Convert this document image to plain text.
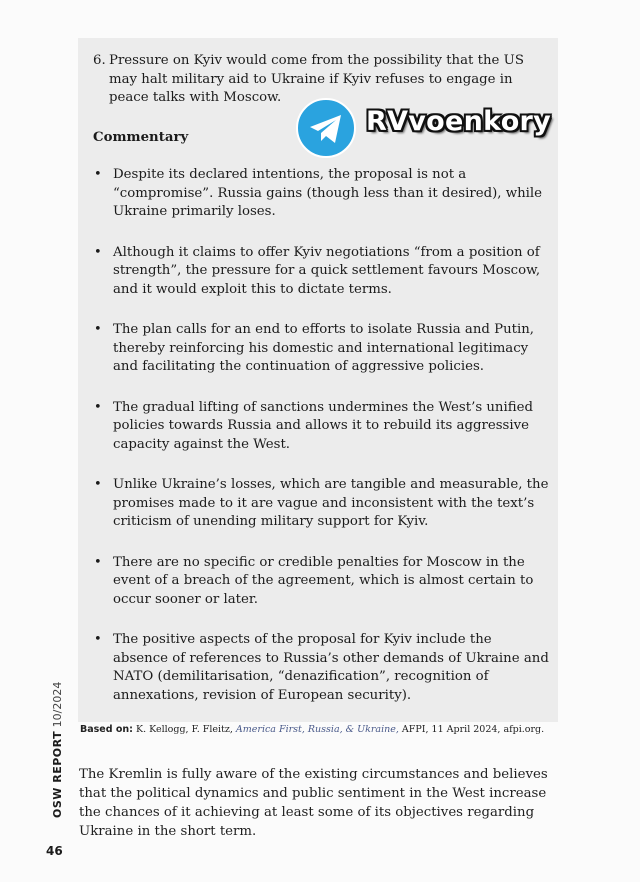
6. Pressure on Kyiv would come from the possibility that the US may halt military aid to Ukraine if Kyiv refuses to engage in peace talks with Moscow.
Commentary
• Despite its declared intentions, the proposal is not a “compromise”. Russia gains (though less than it desired), while Ukraine primarily loses.
• Although it claims to offer Kyiv negotiations “from a position of strength”, the pressure for a quick settlement favours Moscow, and it would exploit this to dictate terms.
• The plan calls for an end to efforts to isolate Russia and Putin, thereby reinforcing his domestic and international legitimacy and facilitating the continuation of aggressive policies.
• The gradual lifting of sanctions undermines the West’s unified policies towards Russia and allows it to rebuild its aggressive capacity against the West.
• Unlike Ukraine’s losses, which are tangible and measurable, the promises made to it are vague and inconsistent with the text’s criticism of unending military support for Kyiv.
• There are no specific or credible penalties for Moscow in the event of a breach of the agreement, which is almost certain to occur sooner or later.
• The positive aspects of the proposal for Kyiv include the absence of references to Russia’s other demands of Ukraine and NATO (demilitarisation, “denazification”, recognition of annexations, revision of European security).
Based on: K. Kellogg, F. Fleitz, America First, Russia, & Ukraine, AFPI, 11 April 2024, afpi.org.
The Kremlin is fully aware of the existing circumstances and believes that the political dynamics and public sentiment in the West increase the chances of it achieving at least some of its objectives regarding Ukraine in the short term.
OSW REPORT 10/2024
46
RVvoenkory
